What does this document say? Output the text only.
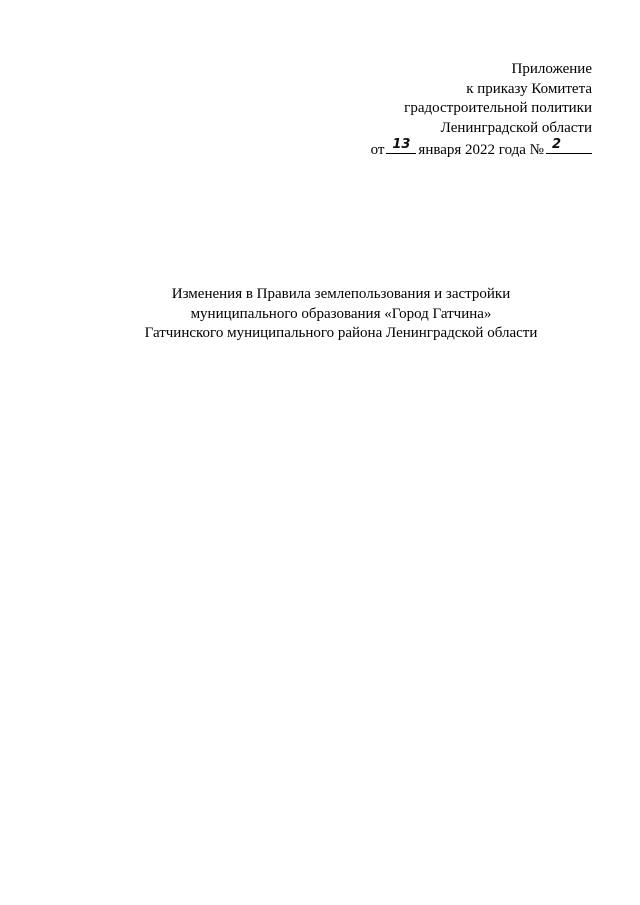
Приложение
к приказу Комитета
градостроительной политики
Ленинградской области
от 13 января 2022 года № 2
Изменения в Правила землепользования и застройки
муниципального образования «Город Гатчина»
Гатчинского муниципального района Ленинградской области
